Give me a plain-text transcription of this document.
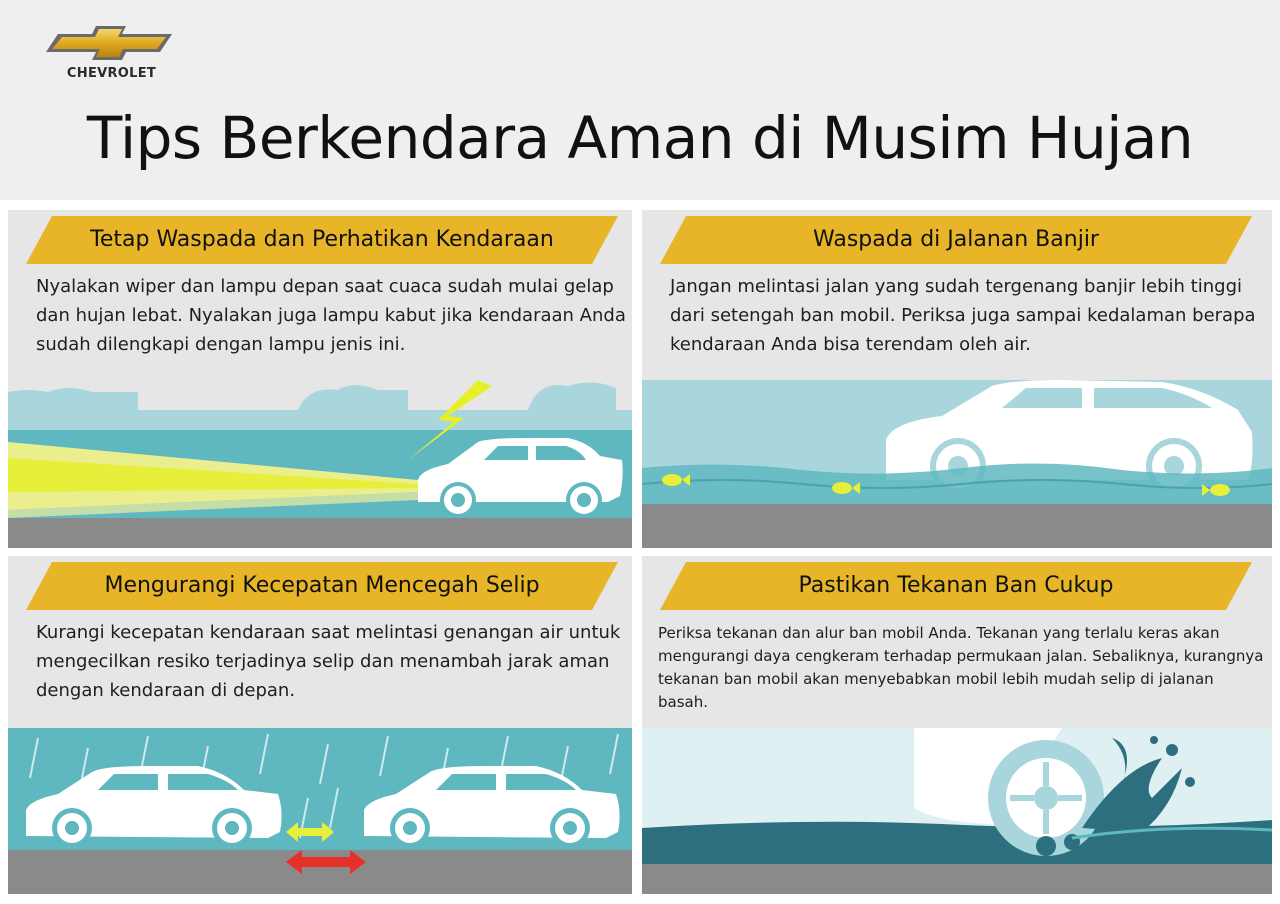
CHEVROLET
Tips Berkendara Aman di Musim Hujan
Tetap Waspada dan Perhatikan Kendaraan
Nyalakan wiper dan lampu depan saat cuaca sudah mulai gelap dan hujan lebat. Nyalakan juga lampu kabut jika kendaraan Anda sudah dilengkapi dengan lampu jenis ini.
Waspada di Jalanan Banjir
Jangan melintasi jalan yang sudah tergenang banjir lebih tinggi dari setengah ban mobil. Periksa juga sampai kedalaman berapa kendaraan Anda bisa terendam oleh air.
Mengurangi Kecepatan Mencegah Selip
Kurangi kecepatan kendaraan saat melintasi genangan air untuk mengecilkan resiko terjadinya selip dan menambah jarak aman dengan kendaraan di depan.
Pastikan Tekanan Ban Cukup
Periksa tekanan dan alur ban mobil Anda. Tekanan yang terlalu keras akan mengurangi daya cengkeram terhadap permukaan jalan. Sebaliknya, kurangnya tekanan ban mobil akan menyebabkan mobil lebih mudah selip di jalanan basah.
